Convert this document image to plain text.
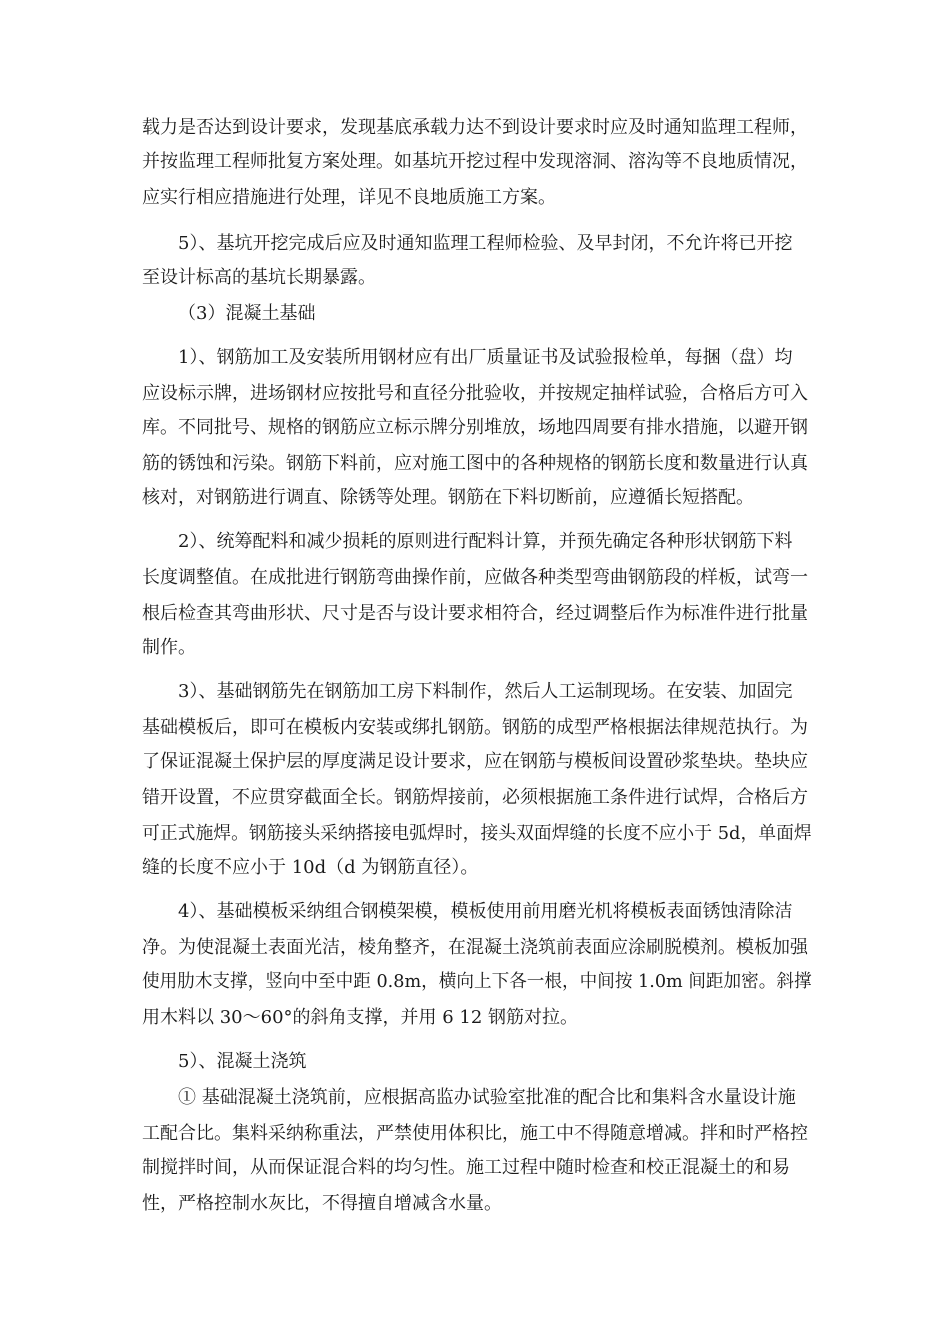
载力是否达到设计要求，发现基底承载力达不到设计要求时应及时通知监理工程师，

并按监理工程师批复方案处理。如基坑开挖过程中发现溶洞、溶沟等不良地质情况，

应实行相应措施进行处理，详见不良地质施工方案。

5）、基坑开挖完成后应及时通知监理工程师检验、及早封闭，不允许将已开挖

至设计标高的基坑长期暴露。

（3）混凝土基础

1）、钢筋加工及安装所用钢材应有出厂质量证书及试验报检单，每捆（盘）均

应设标示牌，进场钢材应按批号和直径分批验收，并按规定抽样试验，合格后方可入

库。不同批号、规格的钢筋应立标示牌分别堆放，场地四周要有排水措施，以避开钢

筋的锈蚀和污染。钢筋下料前，应对施工图中的各种规格的钢筋长度和数量进行认真

核对，对钢筋进行调直、除锈等处理。钢筋在下料切断前，应遵循长短搭配。

2）、统筹配料和减少损耗的原则进行配料计算，并预先确定各种形状钢筋下料

长度调整值。在成批进行钢筋弯曲操作前，应做各种类型弯曲钢筋段的样板，试弯一

根后检查其弯曲形状、尺寸是否与设计要求相符合，经过调整后作为标准件进行批量

制作。

3）、基础钢筋先在钢筋加工房下料制作，然后人工运制现场。在安装、加固完

基础模板后，即可在模板内安装或绑扎钢筋。钢筋的成型严格根据法律规范执行。为

了保证混凝土保护层的厚度满足设计要求，应在钢筋与模板间设置砂浆垫块。垫块应

错开设置，不应贯穿截面全长。钢筋焊接前，必须根据施工条件进行试焊，合格后方

可正式施焊。钢筋接头采纳搭接电弧焊时，接头双面焊缝的长度不应小于 5d，单面焊

缝的长度不应小于 10d（d 为钢筋直径）。

4）、基础模板采纳组合钢模架模，模板使用前用磨光机将模板表面锈蚀清除洁

净。为使混凝土表面光洁，棱角整齐，在混凝土浇筑前表面应涂刷脱模剂。模板加强

使用肋木支撑，竖向中至中距 0.8m，横向上下各一根，中间按 1.0m 间距加密。斜撑

用木料以 30～60°的斜角支撑，并用 6 12 钢筋对拉。

5）、混凝土浇筑

① 基础混凝土浇筑前，应根据高监办试验室批准的配合比和集料含水量设计施

工配合比。集料采纳称重法，严禁使用体积比，施工中不得随意增减。拌和时严格控

制搅拌时间，从而保证混合料的均匀性。施工过程中随时检查和校正混凝土的和易

性，严格控制水灰比，不得擅自增减含水量。
